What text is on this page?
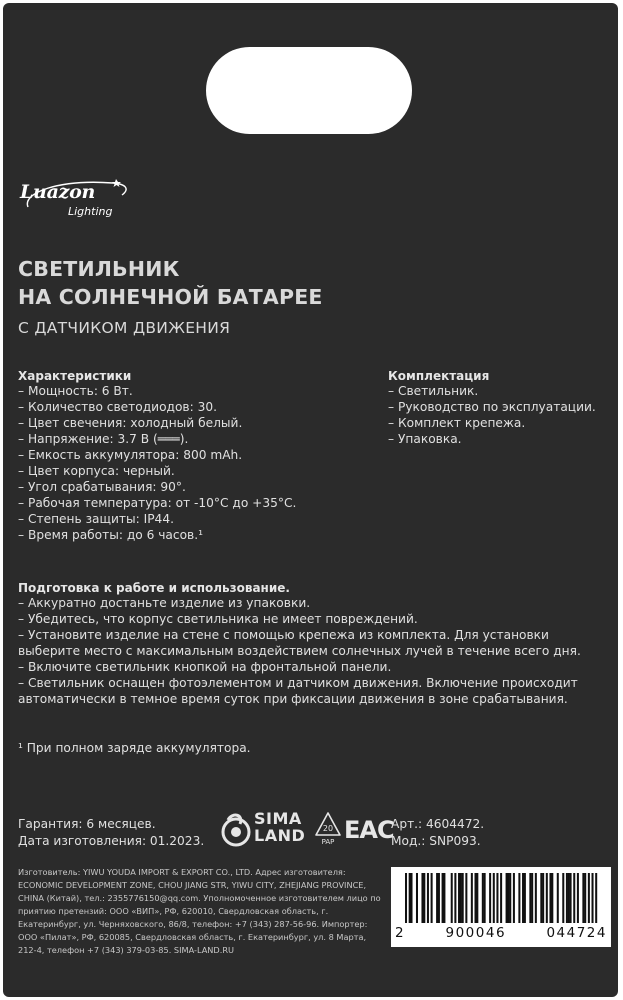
Luazon
Lighting
СВЕТИЛЬНИК
НА СОЛНЕЧНОЙ БАТАРЕЕ
С ДАТЧИКОМ ДВИЖЕНИЯ
Характеристики
– Мощность: 6 Вт.
– Количество светодиодов: 30.
– Цвет свечения: холодный белый.
– Напряжение: 3.7 В (═══).
– Емкость аккумулятора: 800 mAh.
– Цвет корпуса: черный.
– Угол срабатывания: 90°.
– Рабочая температура: от -10°С до +35°С.
– Степень защиты: IP44.
– Время работы: до 6 часов.¹
Комплектация
– Светильник.
– Руководство по эксплуатации.
– Комплект крепежа.
– Упаковка.
Подготовка к работе и использование.
– Аккуратно достаньте изделие из упаковки.
– Убедитесь, что корпус светильника не имеет повреждений.
– Установите изделие на стене с помощью крепежа из комплекта. Для установки выберите место с максимальным воздействием солнечных лучей в течение всего дня.
– Включите светильник кнопкой на фронтальной панели.
– Светильник оснащен фотоэлементом и датчиком движения. Включение происходит автоматически в темное время суток при фиксации движения в зоне срабатывания.
¹ При полном заряде аккумулятора.
Гарантия: 6 месяцев.
Дата изготовления: 01.2023.
SIMA
LAND 20
PAP EAC
Арт.: 4604472.
Мод.: SNP093.
Изготовитель: YIWU YOUDA IMPORT & EXPORT CO., LTD. Адрес изготовителя: ECONOMIC DEVELOPMENT ZONE, CHOU JIANG STR, YIWU CITY, ZHEJIANG PROVINCE, CHINA (Китай), тел.: 2355776150@qq.com. Уполномоченное изготовителем лицо по приятию претензий: ООО «ВИП», РФ, 620010, Свердловская область, г. Екатеринбург, ул. Черняховского, 86/8, телефон: +7 (343) 287-56-96. Импортер: ООО «Пилат», РФ, 620085, Свердловская область, г. Екатеринбург, ул. 8 Марта, 212-4, телефон +7 (343) 379-03-85. SIMA-LAND.RU
2	900046	044724
